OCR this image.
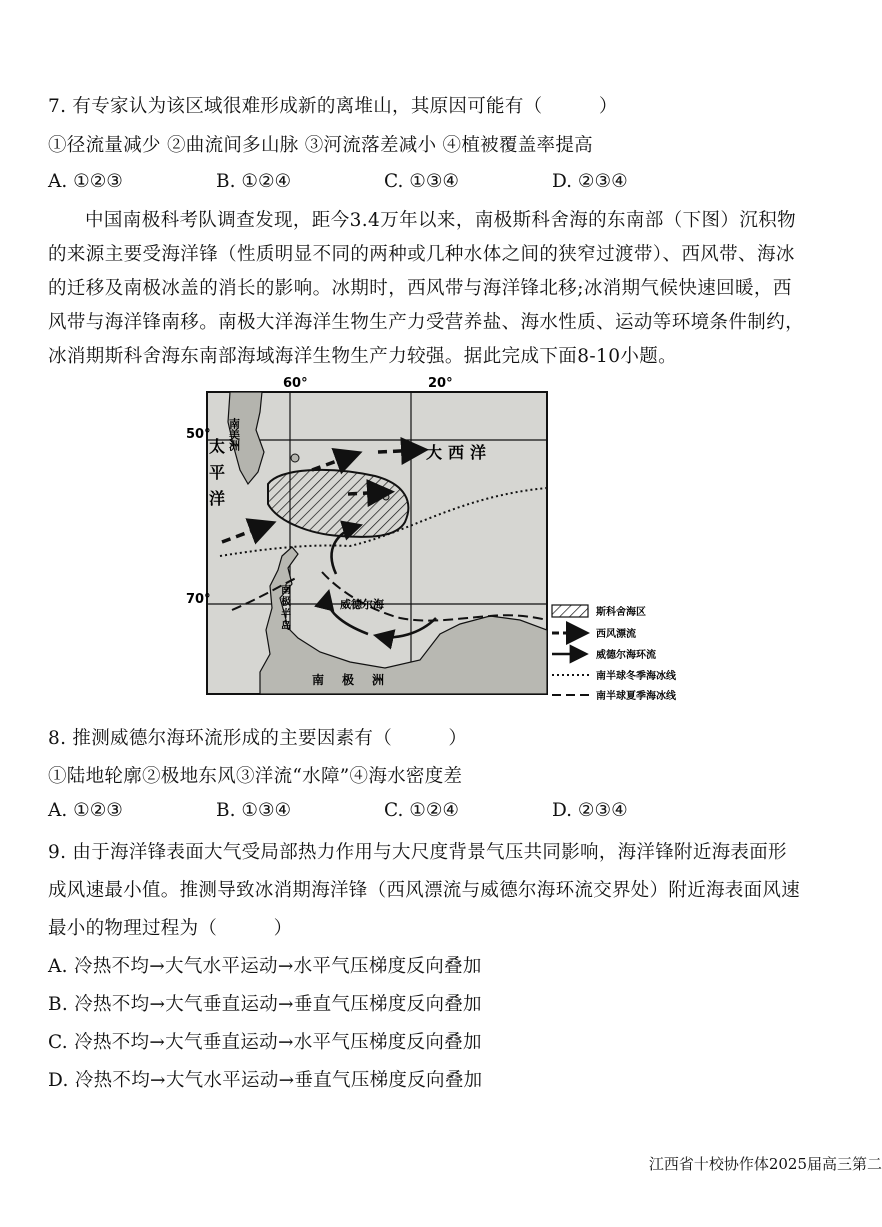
7. 有专家认为该区域很难形成新的离堆山，其原因可能有（　　　）
①径流量减少 ②曲流间多山脉 ③河流落差减小 ④植被覆盖率提高
A. ①②③	B. ①②④	C. ①③④	D. ②③④
中国南极科考队调查发现，距今3.4万年以来，南极斯科舍海的东南部（下图）沉积物
的来源主要受海洋锋（性质明显不同的两种或几种水体之间的狭窄过渡带）、西风带、海冰
的迁移及南极冰盖的消长的影响。冰期时，西风带与海洋锋北移;冰消期气候快速回暖，西
风带与海洋锋南移。南极大洋海洋生物生产力受营养盐、海水性质、运动等环境条件制约，
冰消期斯科舍海东南部海域海洋生物生产力较强。据此完成下面8-10小题。
60°	20°
50°
70°
南美洲
太平洋	大西洋
南极半岛
南极洲
威德尔海
斯科舍海区
西风漂流
威德尔海环流
南半球冬季海冰线
南半球夏季海冰线
8. 推测威德尔海环流形成的主要因素有（　　　）
①陆地轮廓②极地东风③洋流“水障”④海水密度差
A. ①②③	B. ①③④	C. ①②④	D. ②③④
9. 由于海洋锋表面大气受局部热力作用与大尺度背景气压共同影响，海洋锋附近海表面形
成风速最小值。推测导致冰消期海洋锋（西风漂流与威德尔海环流交界处）附近海表面风速
最小的物理过程为（　　　）
A. 冷热不均→大气水平运动→水平气压梯度反向叠加
B. 冷热不均→大气垂直运动→垂直气压梯度反向叠加
C. 冷热不均→大气垂直运动→水平气压梯度反向叠加
D. 冷热不均→大气水平运动→垂直气压梯度反向叠加
江西省十校协作体2025届高三第二
